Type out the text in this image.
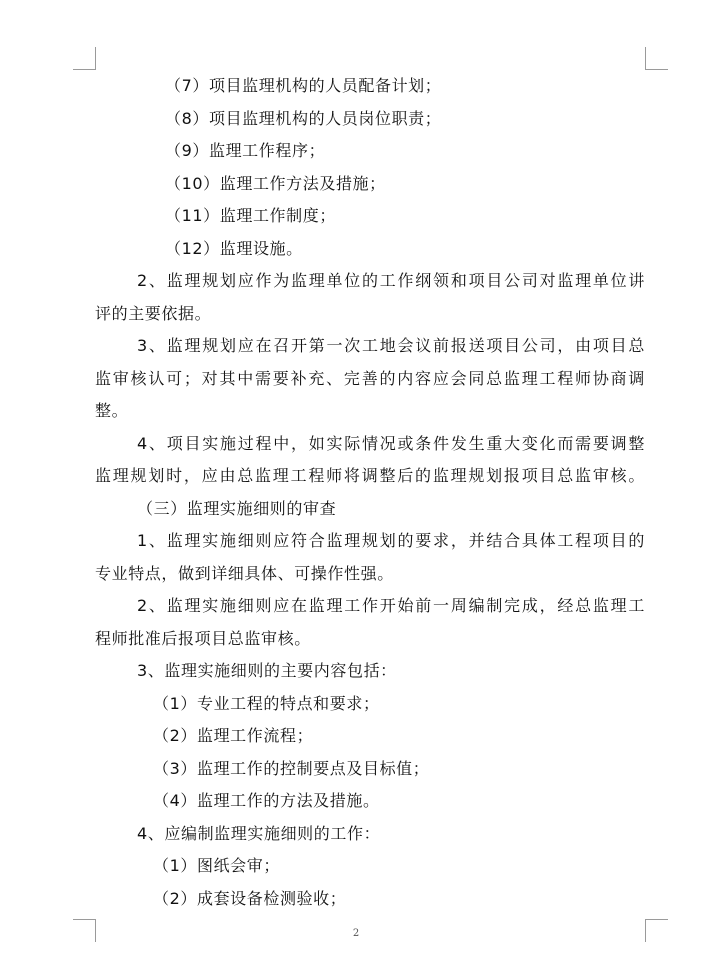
（7）项目监理机构的人员配备计划；
（8）项目监理机构的人员岗位职责；
（9）监理工作程序；
（10）监理工作方法及措施；
（11）监理工作制度；
（12）监理设施。
2、监理规划应作为监理单位的工作纲领和项目公司对监理单位讲
评的主要依据。
3、监理规划应在召开第一次工地会议前报送项目公司，由项目总
监审核认可；对其中需要补充、完善的内容应会同总监理工程师协商调
整。
4、项目实施过程中，如实际情况或条件发生重大变化而需要调整
监理规划时，应由总监理工程师将调整后的监理规划报项目总监审核。
（三）监理实施细则的审查
1、监理实施细则应符合监理规划的要求，并结合具体工程项目的
专业特点，做到详细具体、可操作性强。
2、监理实施细则应在监理工作开始前一周编制完成，经总监理工
程师批准后报项目总监审核。
3、监理实施细则的主要内容包括：
（1）专业工程的特点和要求；
（2）监理工作流程；
（3）监理工作的控制要点及目标值；
（4）监理工作的方法及措施。
4、应编制监理实施细则的工作：
（1）图纸会审；
（2）成套设备检测验收；
2
